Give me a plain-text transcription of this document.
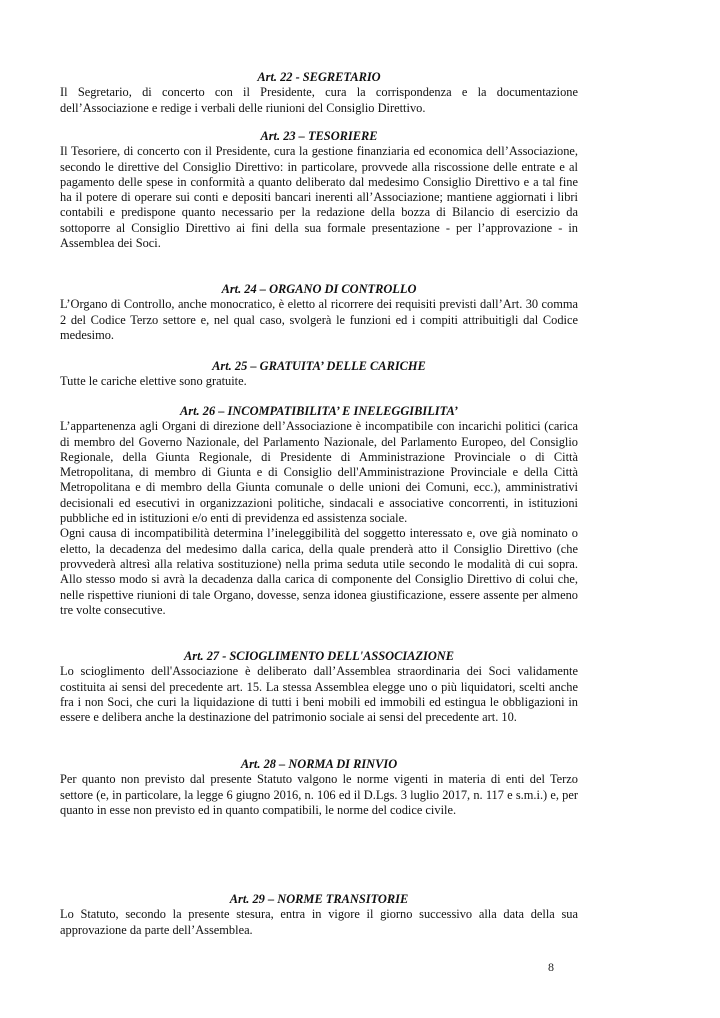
Art. 22 - SEGRETARIO

Il Segretario, di concerto con il Presidente, cura la corrispondenza e la documentazione dell’Associazione e redige i verbali delle riunioni del Consiglio Direttivo.

Art. 23 – TESORIERE

Il Tesoriere, di concerto con il Presidente, cura la gestione finanziaria ed economica dell’Associazione, secondo le direttive del Consiglio Direttivo: in particolare, provvede alla riscossione delle entrate e al pagamento delle spese in conformità a quanto deliberato dal medesimo Consiglio Direttivo e a tal fine ha il potere di operare sui conti e depositi bancari inerenti all’Associazione; mantiene aggiornati i libri contabili e predispone quanto necessario per la redazione della bozza di Bilancio di esercizio da sottoporre al Consiglio Direttivo ai fini della sua formale presentazione - per l’approvazione - in Assemblea dei Soci.

Art. 24 – ORGANO DI CONTROLLO

L’Organo di Controllo, anche monocratico, è eletto al ricorrere dei requisiti previsti dall’Art. 30 comma 2 del Codice Terzo settore e, nel qual caso, svolgerà le funzioni ed i compiti attribuitigli dal Codice medesimo.

Art. 25 – GRATUITA’ DELLE CARICHE

Tutte le cariche elettive sono gratuite.

Art. 26 – INCOMPATIBILITA’ E INELEGGIBILITA’

L’appartenenza agli Organi di direzione dell’Associazione è incompatibile con incarichi politici (carica di membro del Governo Nazionale, del Parlamento Nazionale, del Parlamento Europeo, del Consiglio Regionale, della Giunta Regionale, di Presidente di Amministrazione Provinciale o di Città Metropolitana, di membro di Giunta e di Consiglio dell'Amministrazione Provinciale e della Città Metropolitana e di membro della Giunta comunale o delle unioni dei Comuni, ecc.), amministrativi decisionali ed esecutivi in organizzazioni politiche, sindacali e associative concorrenti, in istituzioni pubbliche ed in istituzioni e/o enti di previdenza ed assistenza sociale.

Ogni causa di incompatibilità determina l’ineleggibilità del soggetto interessato e, ove già nominato o eletto, la decadenza del medesimo dalla carica, della quale prenderà atto il Consiglio Direttivo (che provvederà altresì alla relativa sostituzione) nella prima seduta utile secondo le modalità di cui sopra. Allo stesso modo si avrà la decadenza dalla carica di componente del Consiglio Direttivo di colui che, nelle rispettive riunioni di tale Organo, dovesse, senza idonea giustificazione, essere assente per almeno tre volte consecutive.

Art. 27 - SCIOGLIMENTO DELL'ASSOCIAZIONE

Lo scioglimento dell'Associazione è deliberato dall’Assemblea straordinaria dei Soci validamente costituita ai sensi del precedente art. 15. La stessa Assemblea elegge uno o più liquidatori, scelti anche fra i non Soci, che curi la liquidazione di tutti i beni mobili ed immobili ed estingua le obbligazioni in essere e delibera anche la destinazione del patrimonio sociale ai sensi del precedente art. 10.

Art. 28 – NORMA DI RINVIO

Per quanto non previsto dal presente Statuto valgono le norme vigenti in materia di enti del Terzo settore (e, in particolare, la legge 6 giugno 2016, n. 106 ed il D.Lgs. 3 luglio 2017, n. 117 e s.m.i.) e, per quanto in esse non previsto ed in quanto compatibili, le norme del codice civile.

Art. 29 – NORME TRANSITORIE

Lo Statuto, secondo la presente stesura, entra in vigore il giorno successivo alla data della sua approvazione da parte dell’Assemblea.

8
